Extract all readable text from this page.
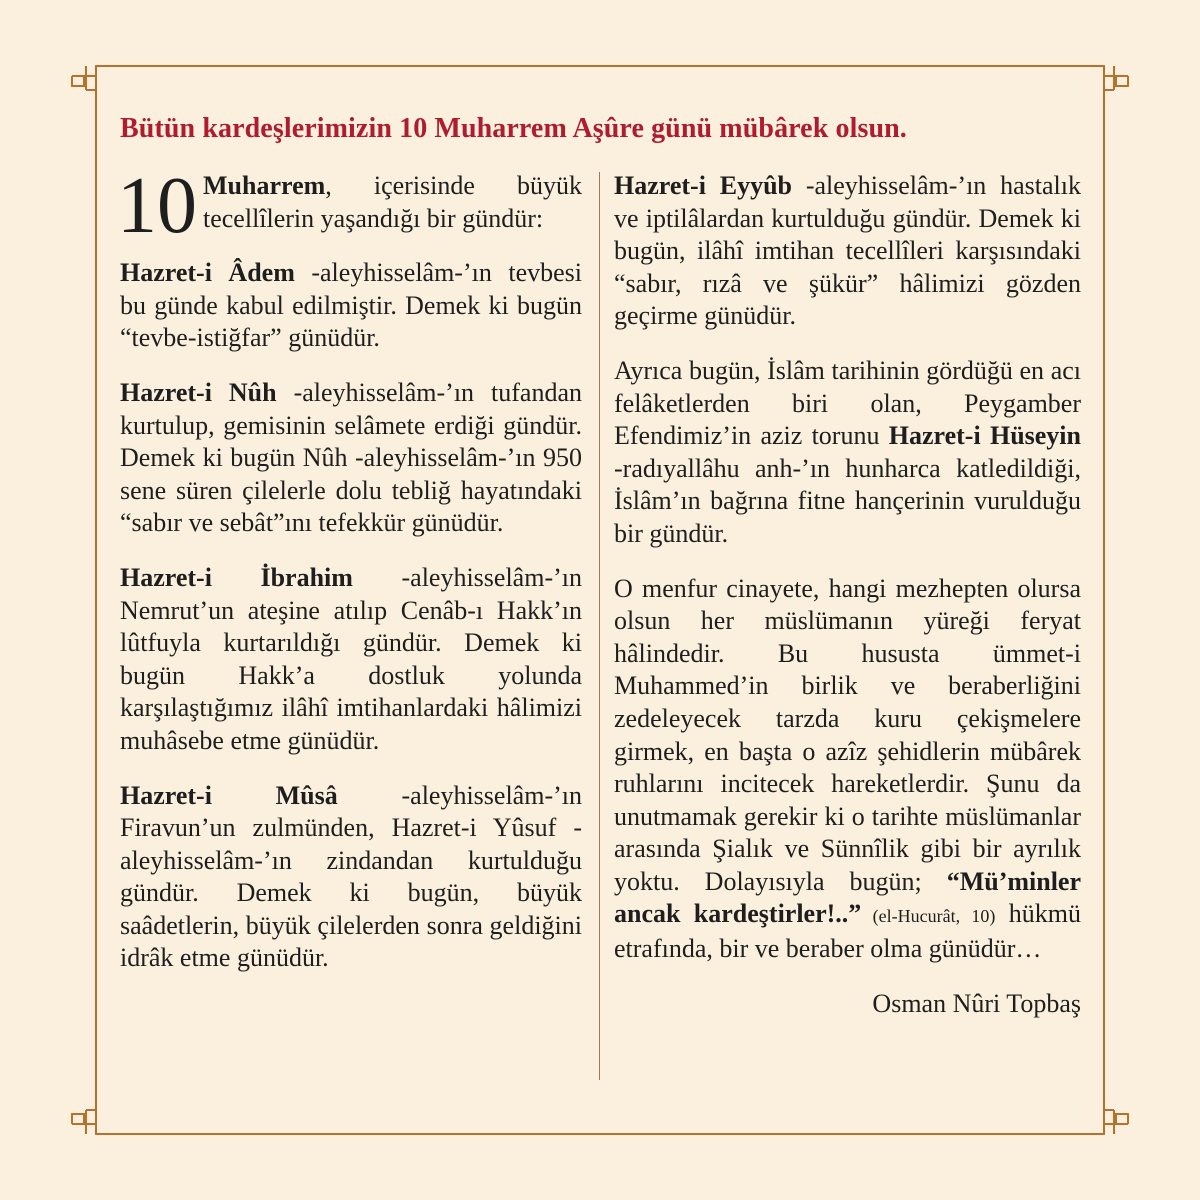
Bütün kardeşlerimizin 10 Muharrem Aşûre günü mübârek olsun.

10 Muharrem, içerisinde büyük tecellîlerin yaşandığı bir gündür:

Hazret-i Âdem -aleyhisselâm-’ın tevbesi bu günde kabul edilmiştir. Demek ki bugün “tevbe-istiğfar” günüdür.

Hazret-i Nûh -aleyhisselâm-’ın tufandan kurtulup, gemisinin selâmete erdiği gündür. Demek ki bugün Nûh -aleyhisselâm-’ın 950 sene süren çilelerle dolu tebliğ hayatındaki “sabır ve sebât”ını tefekkür günüdür.

Hazret-i İbrahim -aleyhisselâm-’ın Nemrut’un ateşine atılıp Cenâb-ı Hakk’ın lûtfuyla kurtarıldığı gündür. Demek ki bugün Hakk’a dostluk yolunda karşılaştığımız ilâhî imtihanlardaki hâlimizi muhâsebe etme günüdür.

Hazret-i Mûsâ -aleyhisselâm-’ın Firavun’un zulmünden, Hazret-i Yûsuf -aleyhisselâm-’ın zindandan kurtulduğu gündür. Demek ki bugün, büyük saâdetlerin, büyük çilelerden sonra geldiğini idrâk etme günüdür.

Hazret-i Eyyûb -aleyhisselâm-’ın hastalık ve iptilâlardan kurtulduğu gündür. Demek ki bugün, ilâhî imtihan tecellîleri karşısındaki “sabır, rızâ ve şükür” hâlimizi gözden geçirme günüdür.

Ayrıca bugün, İslâm tarihinin gördüğü en acı felâketlerden biri olan, Peygamber Efendimiz’in aziz torunu Hazret-i Hüseyin -radıyallâhu anh-’ın hunharca katledildiği, İslâm’ın bağrına fitne hançerinin vurulduğu bir gündür.

O menfur cinayete, hangi mezhepten olursa olsun her müslümanın yüreği feryat hâlindedir. Bu hususta ümmet-i Muhammed’in birlik ve beraberliğini zedeleyecek tarzda kuru çekişmelere girmek, en başta o azîz şehidlerin mübârek ruhlarını incitecek hareketlerdir. Şunu da unutmamak gerekir ki o tarihte müslümanlar arasında Şialık ve Sünnîlik gibi bir ayrılık yoktu. Dolayısıyla bugün; “Mü’minler ancak kardeştirler!..” (el-Hucurât, 10) hükmü etrafında, bir ve beraber olma günüdür…

Osman Nûri Topbaş
